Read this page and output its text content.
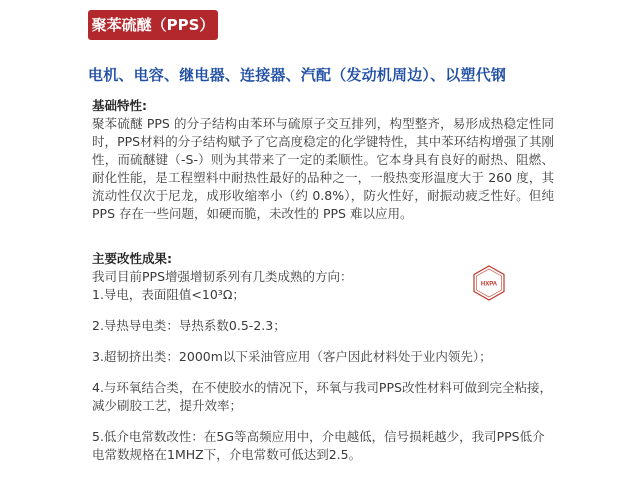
聚苯硫醚（PPS）
电机、电容、继电器、连接器、汽配（发动机周边）、以塑代钢
基础特性:
聚苯硫醚 PPS 的分子结构由苯环与硫原子交互排列，构型整齐，易形成热稳定性同时，PPS材料的分子结构赋予了它高度稳定的化学键特性，其中苯环结构增强了其刚性，而硫醚键（-S-）则为其带来了一定的柔顺性。它本身具有良好的耐热、阻燃、耐化性能，是工程塑料中耐热性最好的品种之一，一般热变形温度大于 260 度，其流动性仅次于尼龙，成形收缩率小（约 0.8%），防火性好，耐振动疲乏性好。但纯 PPS 存在一些问题，如硬而脆，未改性的 PPS 难以应用。
主要改性成果:
我司目前PPS增强增韧系列有几类成熟的方向：
1.导电，表面阻值<10³Ω；
2.导热导电类：导热系数0.5-2.3；
3.超韧挤出类：2000m以下采油管应用（客户因此材料处于业内领先）；
4.与环氧结合类，在不使胶水的情况下，环氧与我司PPS改性材料可做到完全粘接，减少刷胶工艺，提升效率；
5.低介电常数改性：在5G等高频应用中，介电越低，信号损耗越少，我司PPS低介电常数规格在1MHZ下，介电常数可低达到2.5。
HXPA
